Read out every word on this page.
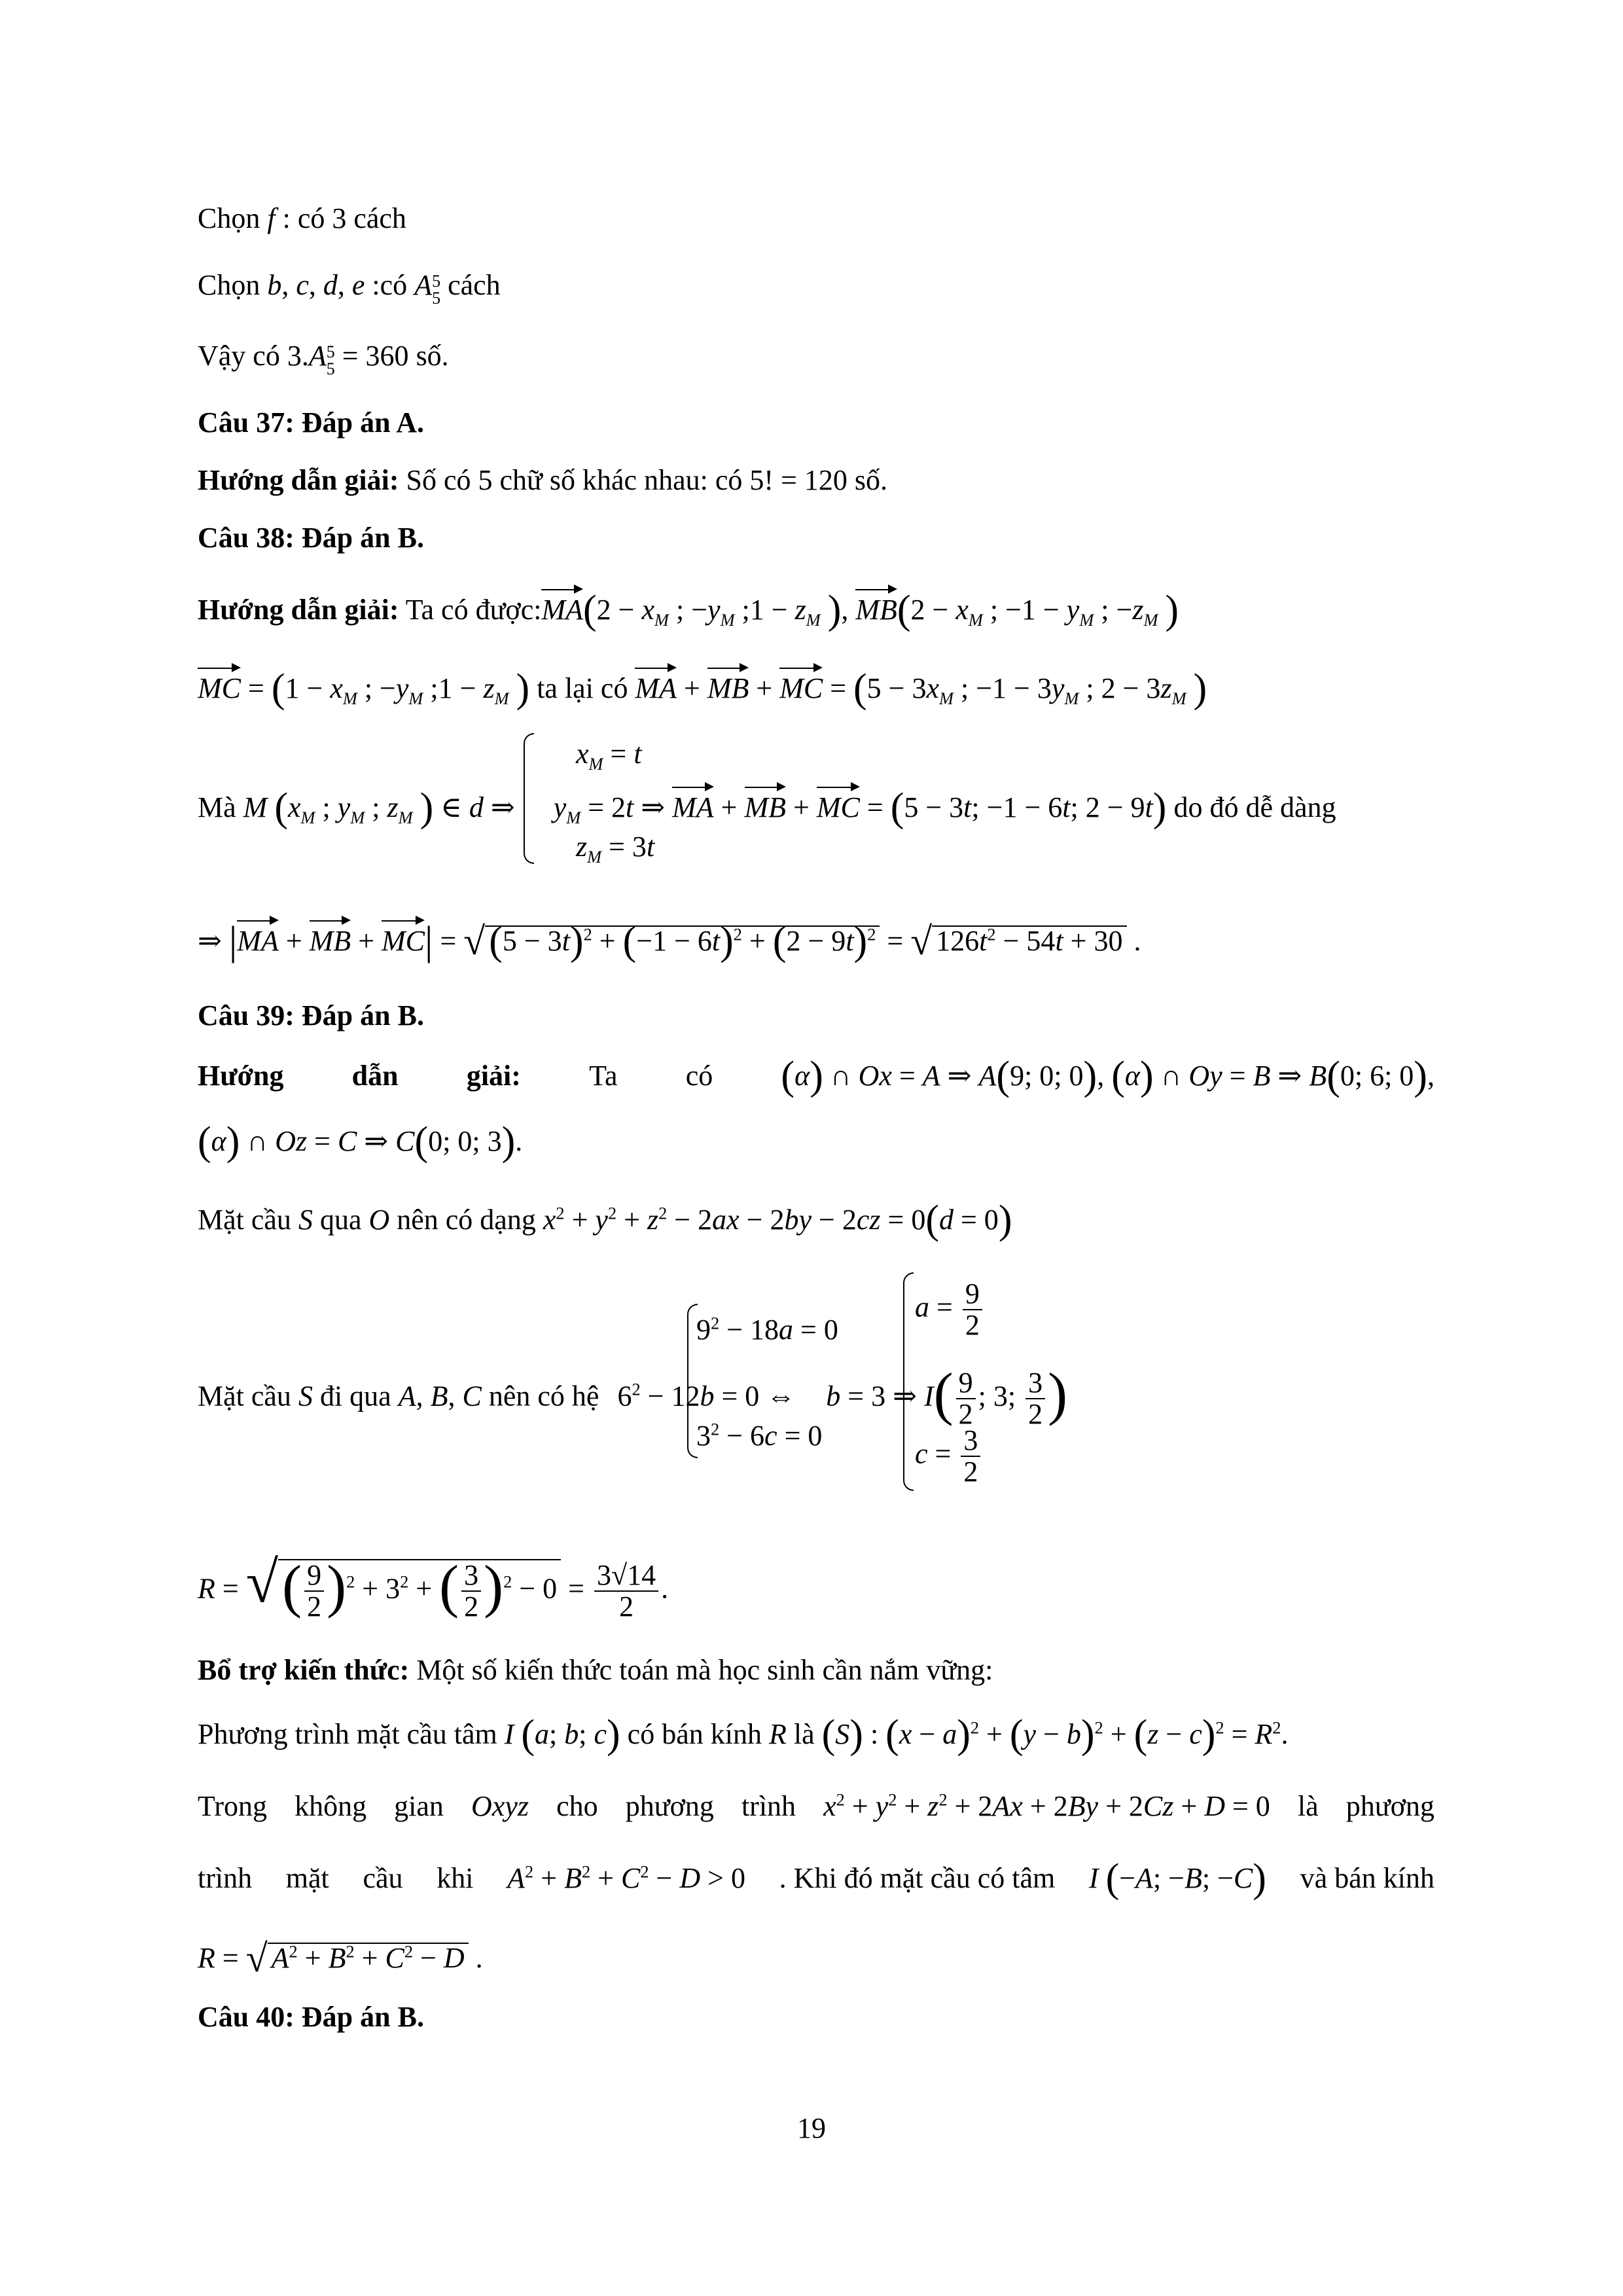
Chọn f : có 3 cách
Chọn b, c, d, e :có A 5
5 cách
Vậy có 3.A 5
5 = 360 số.
Câu 37: Đáp án A.
Hướng dẫn giải: Số có 5 chữ số khác nhau: có 5! = 120 số.
Câu 38: Đáp án B.
Hướng dẫn giải: Ta có được:MA(2 − $x_M$ ; $-y_M$ ;1 − $z_M$ ), $MB(2 - x_M$ ; $-1 - y_M$ ; $-z_M$ )
MC = ($1 - x_M$ ; $-y_M$ ;1 − $z_M$ ) ta lại có MA + MB + MC = ($5 - 3x_M$ ; $-1 - 3y_M$ ; $2 - 3z_M$ )
$x_M = t$
$z_M = 3t$
Mà M ($x_M$ ; $y_M$ ; $z_M$ ) ∈ d ⇒ $y_M = 2t$ ⇒ MA + MB + MC = (5 − 3t; −1 − 6t; 2 − 9t) do đó dễ dàng
⇒ |MA + MB + $MC| = √(5 - 3t)^2 + (-1 - 6t)^2 + (2 - 9t)^2$ = √ $126t^2 - 54t + 30$ .
Câu 39: Đáp án B.
Hướng dẫn giải: Ta có (α) ∩ Ox = A ⇒ A(9; 0; 0), (α) ∩ Oy = B ⇒ B(0; 6; 0),
(α) ∩ Oz = C ⇒ C(0; 0; 3).
Mặt cầu S qua O nên có dạng $x^2 + y^2 + z^2 - 2ax - 2by - 2cz = 0(d = 0)$
$9^2 - 18a = 0$
$3^2 - 6c = 0$
$a = \frac{9}{2}$
$c = \frac{3}{2}$
Mặt cầu S đi qua A, B, C nên có hệ $6^2 - 12b = 0$ ⇔ b = 3 ⇒ $I( \frac{9}{2}$ ; 3; $\frac{3}{2}$ )
R = √( $\frac{9}{2} )^2 + 3^2$ + ( $\frac{3}{2} )^2 - 0 = \frac{3√14}{2}$ .
Bổ trợ kiến thức: Một số kiến thức toán mà học sinh cần nắm vững:
Phương trình mặt cầu tâm I (a; b; c) có bán kính R là (S) : $(x - a)^2 + (y - b)^2 + (z - c)^2 = R^2$.
Trong không gian Oxyz cho phương trình $x^2 + y^2 + z^2 + 2Ax + 2By + 2Cz + D = 0$ là phương
trình mặt cầu khi $A^2 + B^2 + C^2 - D > 0$ . Khi đó mặt cầu có tâm I (−A; −B; −C) và bán kính
R = √ $A^2 + B^2 + C^2 - D$ .
Câu 40: Đáp án B.
19
